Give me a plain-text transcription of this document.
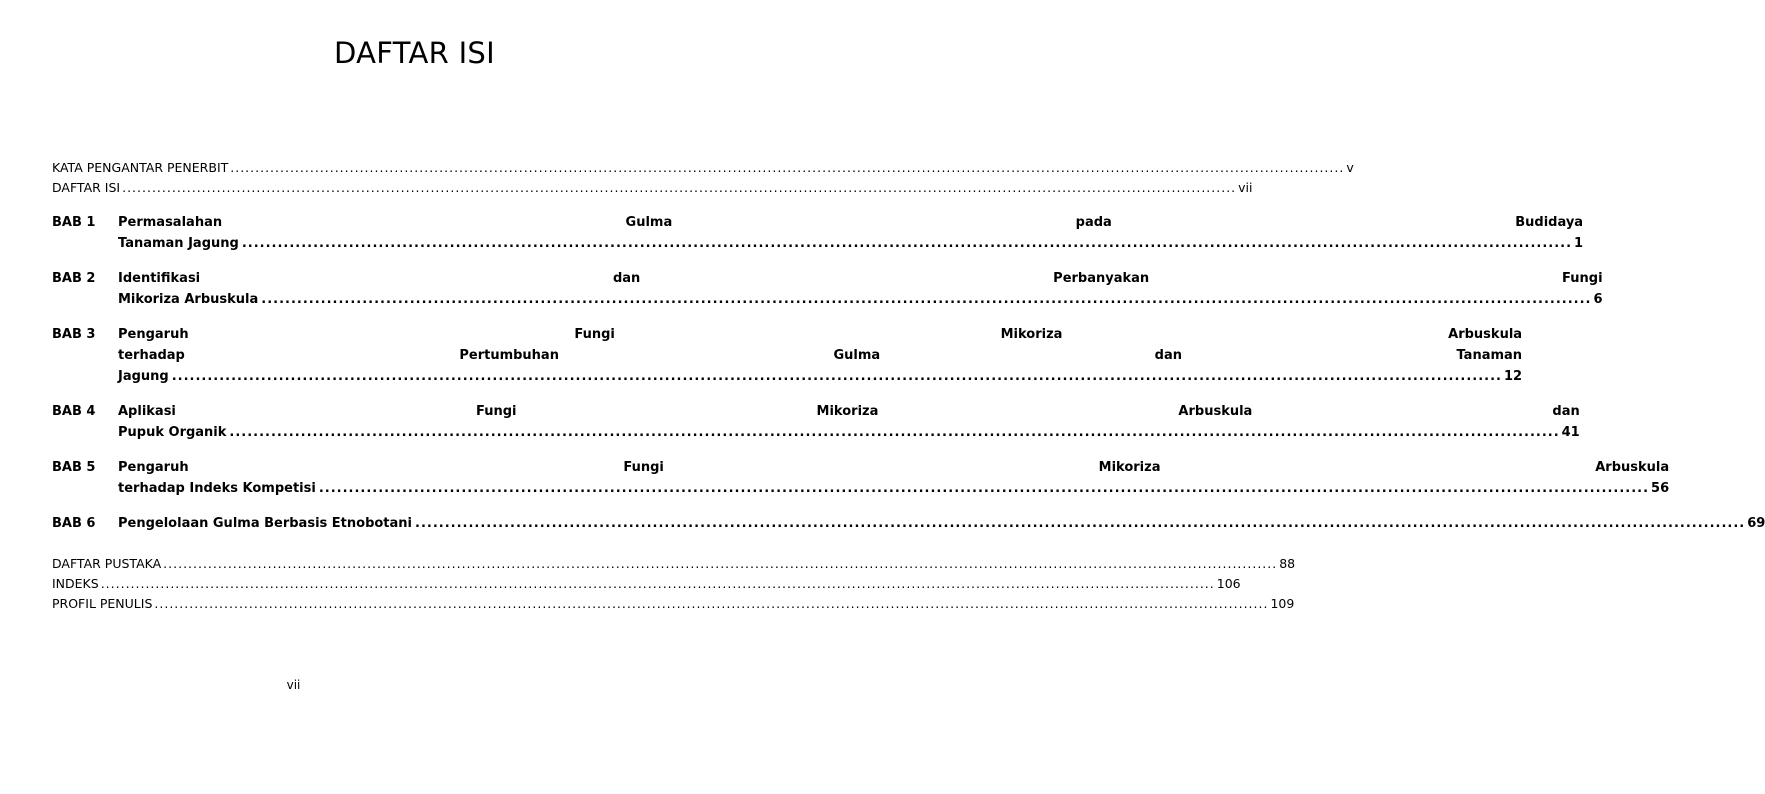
DAFTAR ISI
KATA PENGANTAR PENERBIT .....	v
DAFTAR ISI .....	vii
BAB 1	Permasalahan Gulma pada Budidaya
Tanaman Jagung .....	1
BAB 2	Identifikasi dan Perbanyakan Fungi
Mikoriza Arbuskula .....	6
BAB 3	Pengaruh Fungi Mikoriza Arbuskula
terhadap Pertumbuhan Gulma dan Tanaman
Jagung .....	12
BAB 4	Aplikasi Fungi Mikoriza Arbuskula dan
Pupuk Organik .....	41
BAB 5	Pengaruh Fungi Mikoriza Arbuskula
terhadap Indeks Kompetisi .....	56
BAB 6	Pengelolaan Gulma Berbasis Etnobotani .....	69
DAFTAR PUSTAKA .....	88
INDEKS .....	106
PROFIL PENULIS .....	109
vii
